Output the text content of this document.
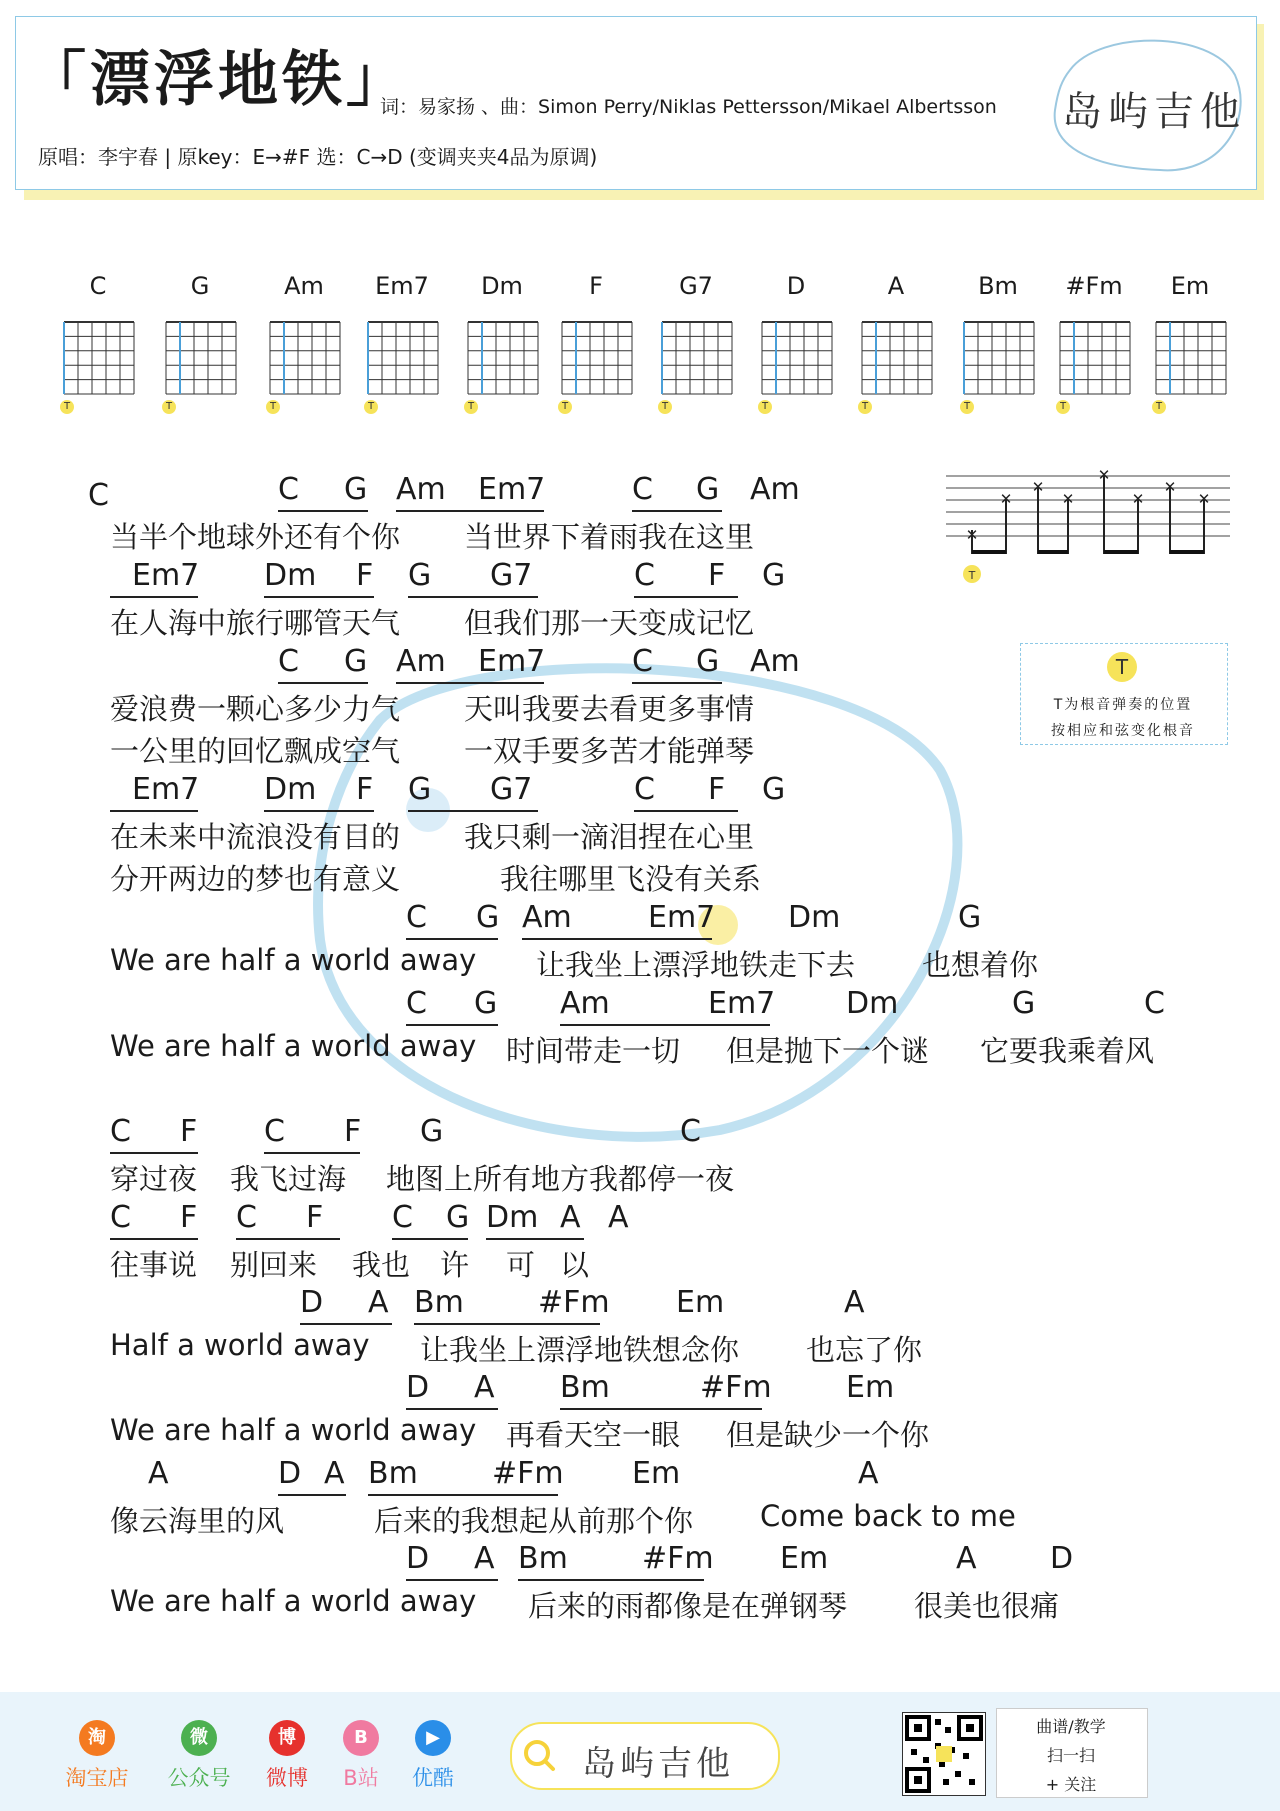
「漂浮地铁」
词：易家扬 、曲：Simon Perry/Niklas Pettersson/Mikael Albertsson
原唱：李宇春 | 原key：E→#F 选：C→D (变调夹夹4品为原调)
岛屿吉他
C
T
G
T
Am
T
Em7
T
Dm
T
F
T
G7
T
D
T
A
T
Bm
T
#Fm
T
Em
T
✕
✕
✕
✕
✕
✕
✕
✕
T
T
T为根音弹奏的位置
按相应和弦变化根音
C	C G Am Em7	C G Am
当半个地球外还有个你 当世界下着雨我在这里
Em7 Dm F G G7	C F G
在人海中旅行哪管天气 但我们那一天变成记忆
C G Am Em7	C G Am
爱浪费一颗心多少力气 天叫我要去看更多事情
一公里的回忆飘成空气 一双手要多苦才能弹琴
Em7 Dm F G G7	C F G
在未来中流浪没有目的 我只剩一滴泪捏在心里
分开两边的梦也有意义	我往哪里飞没有关系
C G Am	Em7 Dm	G
We are half a world away 让我坐上漂浮地铁走下去 也想着你
C G Am	Em7 Dm	G	C
We are half a world away 时间带走一切 但是抛下一个谜 它要我乘着风
C F C F G	C
穿过夜 我飞过海 地图上所有地方我都停一夜
C F C F C G Dm A A
往事说 别回来 我也 许 可 以
D A Bm #Fm Em	A
Half a world away 让我坐上漂浮地铁想念你 也忘了你
D A Bm	#Fm Em
We are half a world away 再看天空一眼 但是缺少一个你
A	D A Bm #Fm Em	A
像云海里的风	后来的我想起从前那个你 Come back to me
D A Bm #Fm Em	A D
We are half a world away 后来的雨都像是在弹钢琴 很美也很痛
淘
淘宝店
微
公众号
博
微博
B
B站
▶
优酷	岛屿吉他
曲谱/教学
扫一扫
+ 关注
